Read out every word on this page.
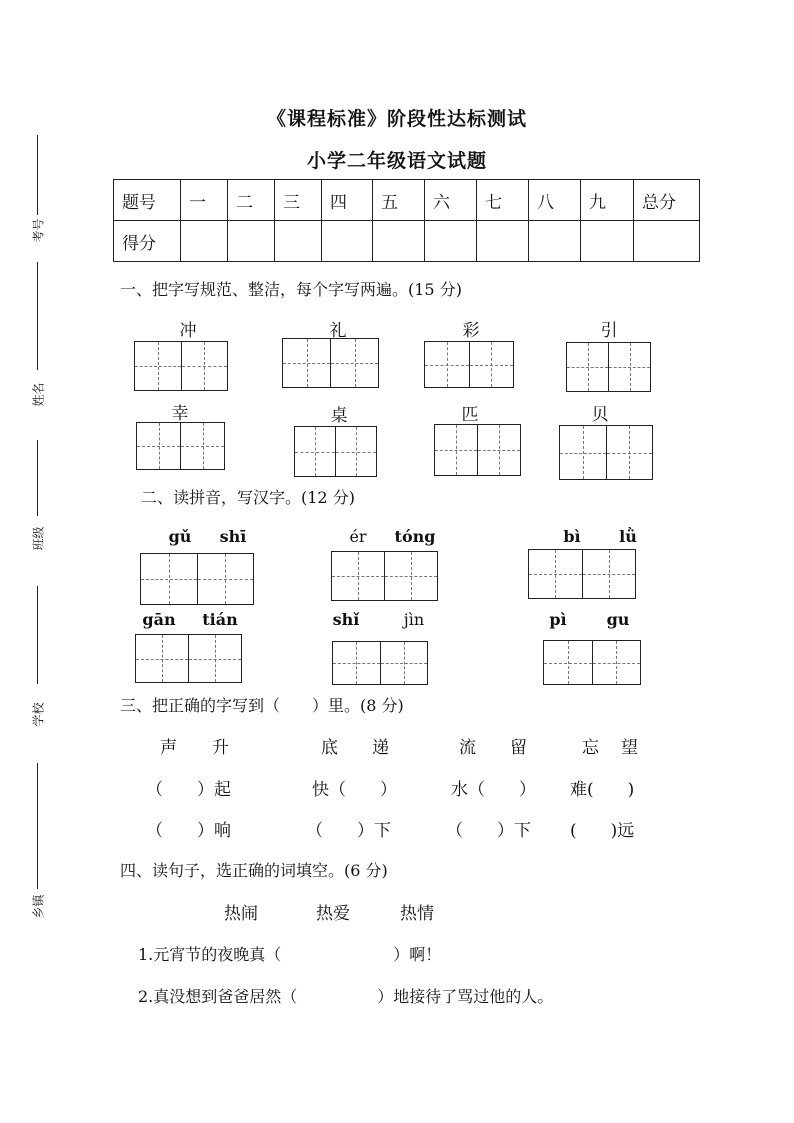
考号
姓名
班级
学校
乡镇
《课程标准》阶段性达标测试
小学二年级语文试题
题号	一	二	三	四	五	六	七	八	九	总分
得分										
一、把字写规范、整洁，每个字写两遍。(15 分)
冲	礼	彩	引
幸	桌	匹	贝
二、读拼音，写汉字。(12 分)
gǔ	shī	ér	tóng	bì	lǜ
gān	tián	shǐ	jìn	pì	gu
三、把正确的字写到（　　）里。(8 分)
声 升	底 递	流 留	忘 望
（　　）起	快（　　）	水（　　） 难(　　)
（　　）响	（　　）下	（　　）下 (　　)远
四、读句子，选正确的词填空。(6 分)
热闹	热爱	热情
1.元宵节的夜晚真（　　　　　　　）啊！
2.真没想到爸爸居然（　　　　　）地接待了骂过他的人。
